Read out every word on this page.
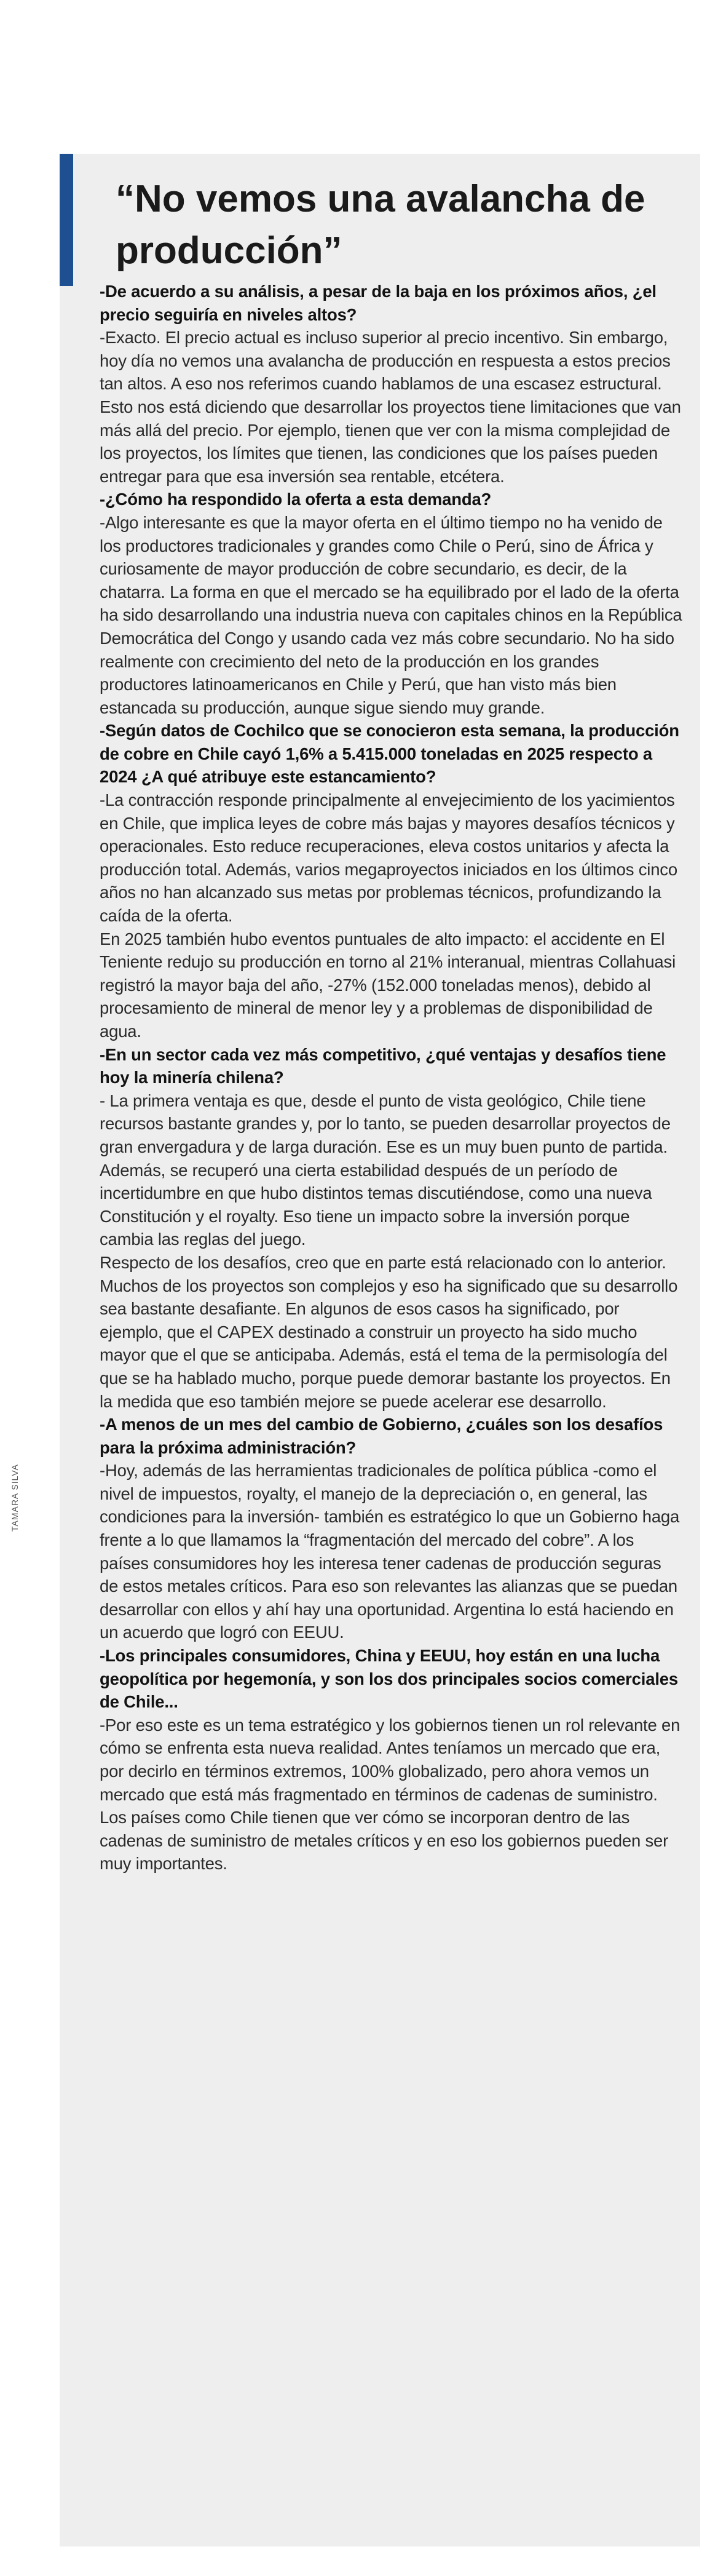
TAMARA SILVA
“No vemos una avalancha de producción”

-De acuerdo a su análisis, a pesar de la baja en los próximos años, ¿el precio seguiría en niveles altos?

-Exacto. El precio actual es incluso superior al precio incentivo. Sin embargo, hoy día no vemos una avalancha de producción en respuesta a estos precios tan altos. A eso nos referimos cuando hablamos de una escasez estructural. Esto nos está diciendo que desarrollar los proyectos tiene limitaciones que van más allá del precio. Por ejemplo, tienen que ver con la misma complejidad de los proyectos, los límites que tienen, las condiciones que los países pueden entregar para que esa inversión sea rentable, etcétera.

-¿Cómo ha respondido la oferta a esta demanda?

-Algo interesante es que la mayor oferta en el último tiempo no ha venido de los productores tradicionales y grandes como Chile o Perú, sino de África y curiosamente de mayor producción de cobre secundario, es decir, de la chatarra. La forma en que el mercado se ha equilibrado por el lado de la oferta ha sido desarrollando una industria nueva con capitales chinos en la República Democrática del Congo y usando cada vez más cobre secundario. No ha sido realmente con crecimiento del neto de la producción en los grandes productores latinoamericanos en Chile y Perú, que han visto más bien estancada su producción, aunque sigue siendo muy grande.

-Según datos de Cochilco que se conocieron esta semana, la producción de cobre en Chile cayó 1,6% a 5.415.000 toneladas en 2025 respecto a 2024 ¿A qué atribuye este estancamiento?

-La contracción responde principalmente al envejecimiento de los yacimientos en Chile, que implica leyes de cobre más bajas y mayores desafíos técnicos y operacionales. Esto reduce recuperaciones, eleva costos unitarios y afecta la producción total. Además, varios megaproyectos iniciados en los últimos cinco años no han alcanzado sus metas por problemas técnicos, profundizando la caída de la oferta.

En 2025 también hubo eventos puntuales de alto impacto: el accidente en El Teniente redujo su producción en torno al 21% interanual, mientras Collahuasi registró la mayor baja del año, -27% (152.000 toneladas menos), debido al procesamiento de mineral de menor ley y a problemas de disponibilidad de agua.

-En un sector cada vez más competitivo, ¿qué ventajas y desafíos tiene hoy la minería chilena?

- La primera ventaja es que, desde el punto de vista geológico, Chile tiene recursos bastante grandes y, por lo tanto, se pueden desarrollar proyectos de gran envergadura y de larga duración. Ese es un muy buen punto de partida. Además, se recuperó una cierta estabilidad después de un período de incertidumbre en que hubo distintos temas discutiéndose, como una nueva Constitución y el royalty. Eso tiene un impacto sobre la inversión porque cambia las reglas del juego.

Respecto de los desafíos, creo que en parte está relacionado con lo anterior. Muchos de los proyectos son complejos y eso ha significado que su desarrollo sea bastante desafiante. En algunos de esos casos ha significado, por ejemplo, que el CAPEX destinado a construir un proyecto ha sido mucho mayor que el que se anticipaba. Además, está el tema de la permisología del que se ha hablado mucho, porque puede demorar bastante los proyectos. En la medida que eso también mejore se puede acelerar ese desarrollo.

-A menos de un mes del cambio de Gobierno, ¿cuáles son los desafíos para la próxima administración?

-Hoy, además de las herramientas tradicionales de política pública -como el nivel de impuestos, royalty, el manejo de la depreciación o, en general, las condiciones para la inversión- también es estratégico lo que un Gobierno haga frente a lo que llamamos la “fragmentación del mercado del cobre”. A los países consumidores hoy les interesa tener cadenas de producción seguras de estos metales críticos. Para eso son relevantes las alianzas que se puedan desarrollar con ellos y ahí hay una oportunidad. Argentina lo está haciendo en un acuerdo que logró con EEUU.

-Los principales consumidores, China y EEUU, hoy están en una lucha geopolítica por hegemonía, y son los dos principales socios comerciales de Chile...

-Por eso este es un tema estratégico y los gobiernos tienen un rol relevante en cómo se enfrenta esta nueva realidad. Antes teníamos un mercado que era, por decirlo en términos extremos, 100% globalizado, pero ahora vemos un mercado que está más fragmentado en términos de cadenas de suministro. Los países como Chile tienen que ver cómo se incorporan dentro de las cadenas de suministro de metales críticos y en eso los gobiernos pueden ser muy importantes.
